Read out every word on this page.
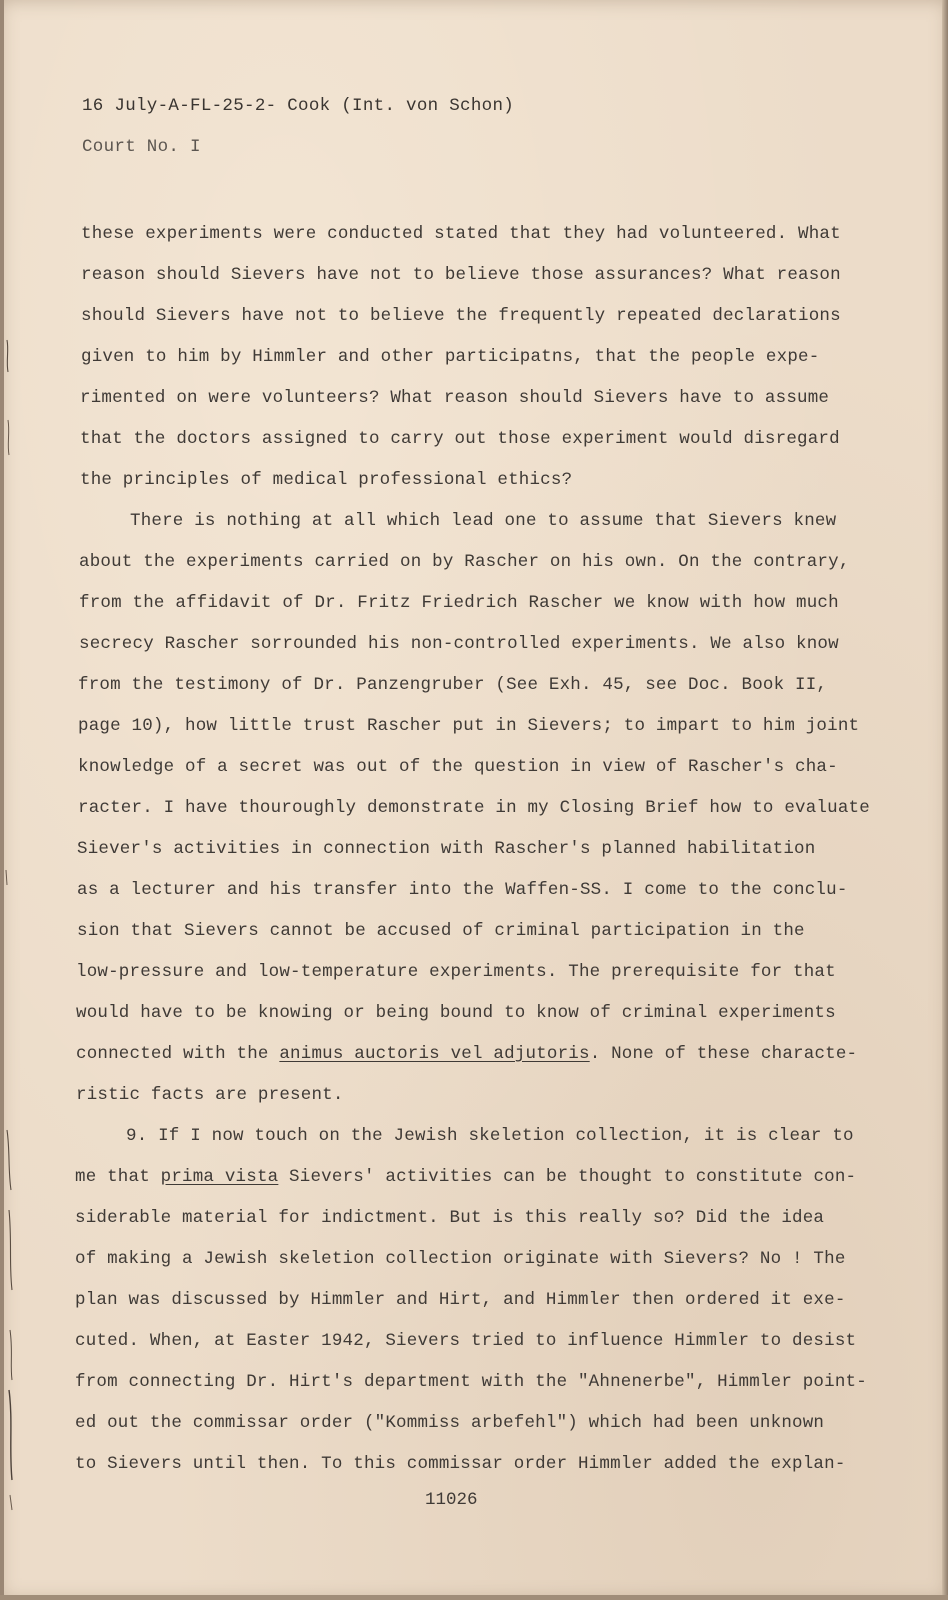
16 July-A-FL-25-2- Cook (Int. von Schon)
Court No. I
these experiments were conducted stated that they had volunteered. What
reason should Sievers have not to believe those assurances? What reason
should Sievers have not to believe the frequently repeated declarations
given to him by Himmler and other participatns, that the people expe-
rimented on were volunteers? What reason should Sievers have to assume
that the doctors assigned to carry out those experiment would disregard
the principles of medical professional ethics?
There is nothing at all which lead one to assume that Sievers knew
about the experiments carried on by Rascher on his own. On the contrary,
from the affidavit of Dr. Fritz Friedrich Rascher we know with how much
secrecy Rascher sorrounded his non-controlled experiments. We also know
from the testimony of Dr. Panzengruber (See Exh. 45, see Doc. Book II,
page 10), how little trust Rascher put in Sievers; to impart to him joint
knowledge of a secret was out of the question in view of Rascher's cha-
racter. I have thouroughly demonstrate in my Closing Brief how to evaluate
Siever's activities in connection with Rascher's planned habilitation
as a lecturer and his transfer into the Waffen-SS. I come to the conclu-
sion that Sievers cannot be accused of criminal participation in the
low-pressure and low-temperature experiments. The prerequisite for that
would have to be knowing or being bound to know of criminal experiments
connected with the animus auctoris vel adjutoris. None of these characte-
ristic facts are present.
9. If I now touch on the Jewish skeletion collection, it is clear to
me that prima vista Sievers' activities can be thought to constitute con-
siderable material for indictment. But is this really so? Did the idea
of making a Jewish skeletion collection originate with Sievers? No ! The
plan was discussed by Himmler and Hirt, and Himmler then ordered it exe-
cuted. When, at Easter 1942, Sievers tried to influence Himmler to desist
from connecting Dr. Hirt's department with the "Ahnenerbe", Himmler point-
ed out the commissar order ("Kommiss arbefehl") which had been unknown
to Sievers until then. To this commissar order Himmler added the explan-
11026
